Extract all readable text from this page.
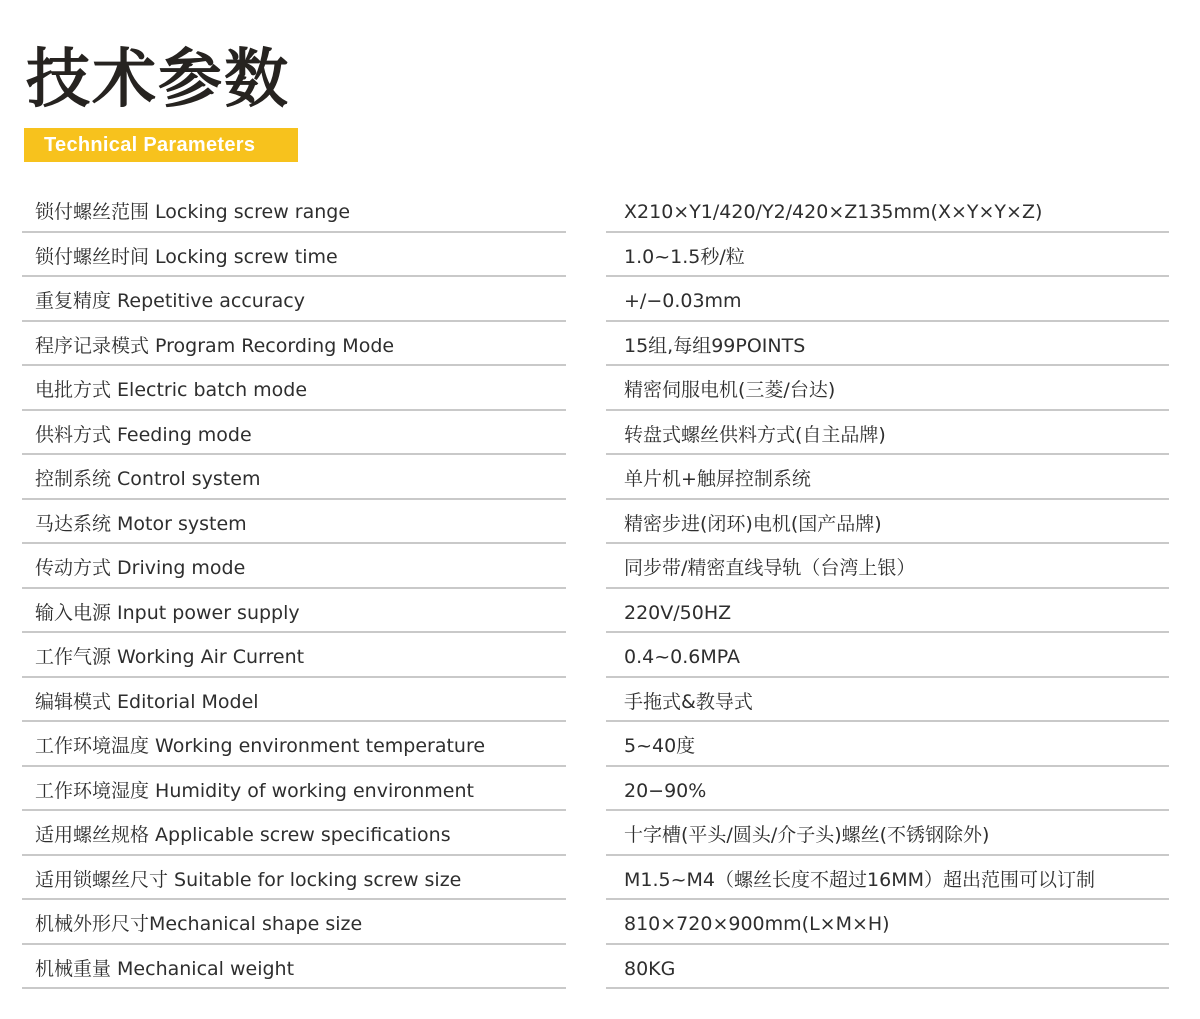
技术参数
Technical Parameters
锁付螺丝范围 Locking screw range	X210×Y1/420/Y2/420×Z135mm(X×Y×Y×Z)
锁付螺丝时间 Locking screw time	1.0~1.5秒/粒
重复精度 Repetitive accuracy	+/−0.03mm
程序记录模式 Program Recording Mode	15组,每组99POINTS
电批方式 Electric batch mode	精密伺服电机(三菱/台达)
供料方式 Feeding mode	转盘式螺丝供料方式(自主品牌)
控制系统 Control system	单片机+触屏控制系统
马达系统 Motor system	精密步进(闭环)电机(国产品牌)
传动方式 Driving mode	同步带/精密直线导轨（台湾上银）
输入电源 Input power supply	220V/50HZ
工作气源 Working Air Current	0.4~0.6MPA
编辑模式 Editorial Model	手拖式&教导式
工作环境温度 Working environment temperature	5~40度
工作环境湿度 Humidity of working environment	20−90%
适用螺丝规格 Applicable screw specifications	十字槽(平头/圆头/介子头)螺丝(不锈钢除外)
适用锁螺丝尺寸 Suitable for locking screw size	M1.5~M4（螺丝长度不超过16MM）超出范围可以订制
机械外形尺寸Mechanical shape size	810×720×900mm(L×M×H)
机械重量 Mechanical weight	80KG
